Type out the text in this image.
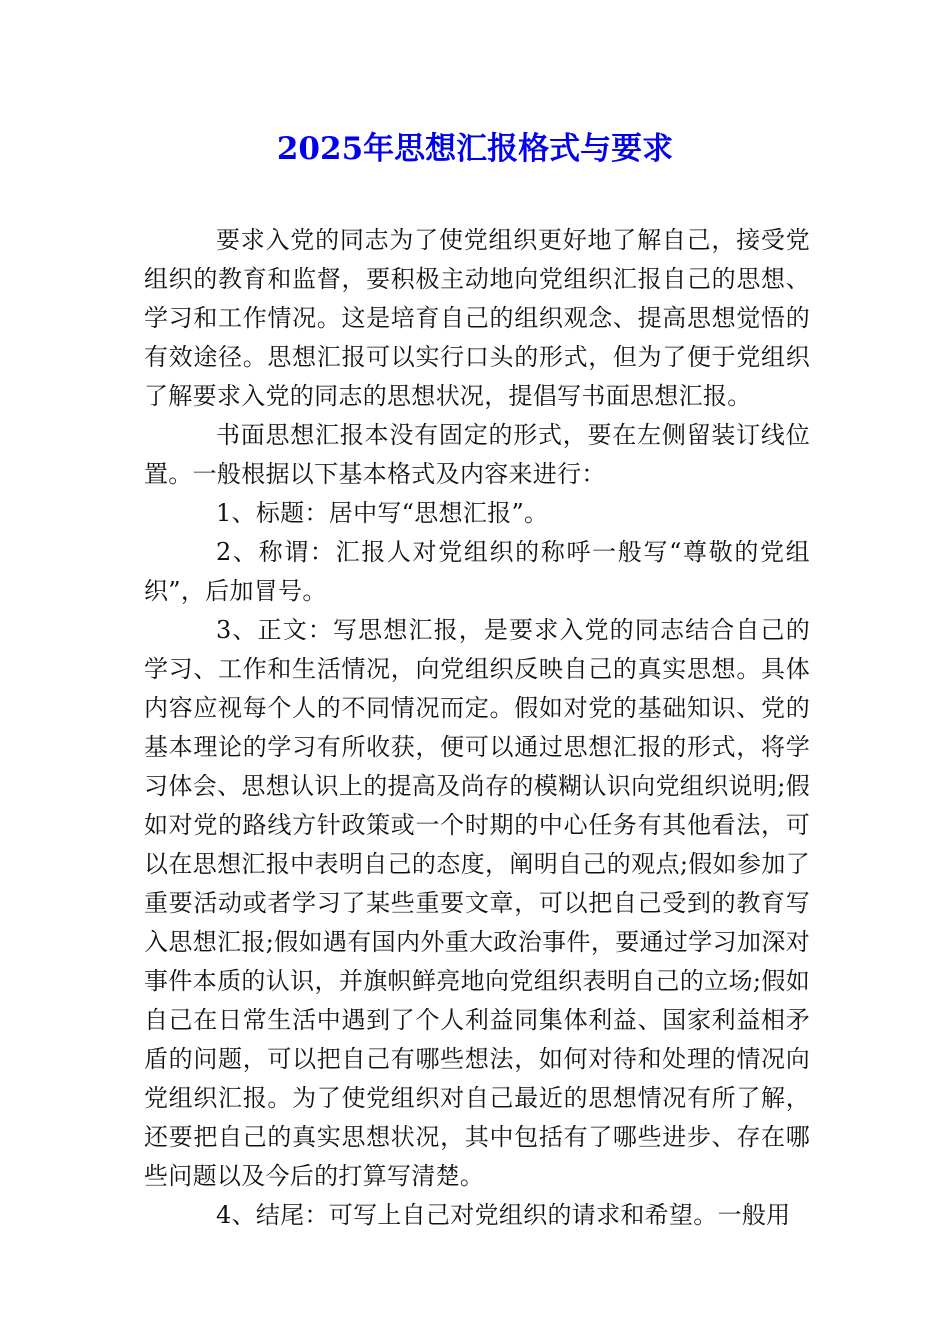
2025年思想汇报格式与要求

要求入党的同志为了使党组织更好地了解自己，接受党组织的教育和监督，要积极主动地向党组织汇报自己的思想、学习和工作情况。这是培育自己的组织观念、提高思想觉悟的有效途径。思想汇报可以实行口头的形式，但为了便于党组织了解要求入党的同志的思想状况，提倡写书面思想汇报。

书面思想汇报本没有固定的形式，要在左侧留装订线位置。一般根据以下基本格式及内容来进行：

1、标题：居中写“思想汇报”。

2、称谓：汇报人对党组织的称呼一般写“尊敬的党组织”，后加冒号。

3、正文：写思想汇报，是要求入党的同志结合自己的学习、工作和生活情况，向党组织反映自己的真实思想。具体内容应视每个人的不同情况而定。假如对党的基础知识、党的基本理论的学习有所收获，便可以通过思想汇报的形式，将学习体会、思想认识上的提高及尚存的模糊认识向党组织说明;假如对党的路线方针政策或一个时期的中心任务有其他看法，可以在思想汇报中表明自己的态度，阐明自己的观点;假如参加了重要活动或者学习了某些重要文章，可以把自己受到的教育写入思想汇报;假如遇有国内外重大政治事件，要通过学习加深对事件本质的认识，并旗帜鲜亮地向党组织表明自己的立场;假如自己在日常生活中遇到了个人利益同集体利益、国家利益相矛盾的问题，可以把自己有哪些想法，如何对待和处理的情况向党组织汇报。为了使党组织对自己最近的思想情况有所了解，还要把自己的真实思想状况，其中包括有了哪些进步、存在哪些问题以及今后的打算写清楚。

4、结尾：可写上自己对党组织的请求和希望。一般用
